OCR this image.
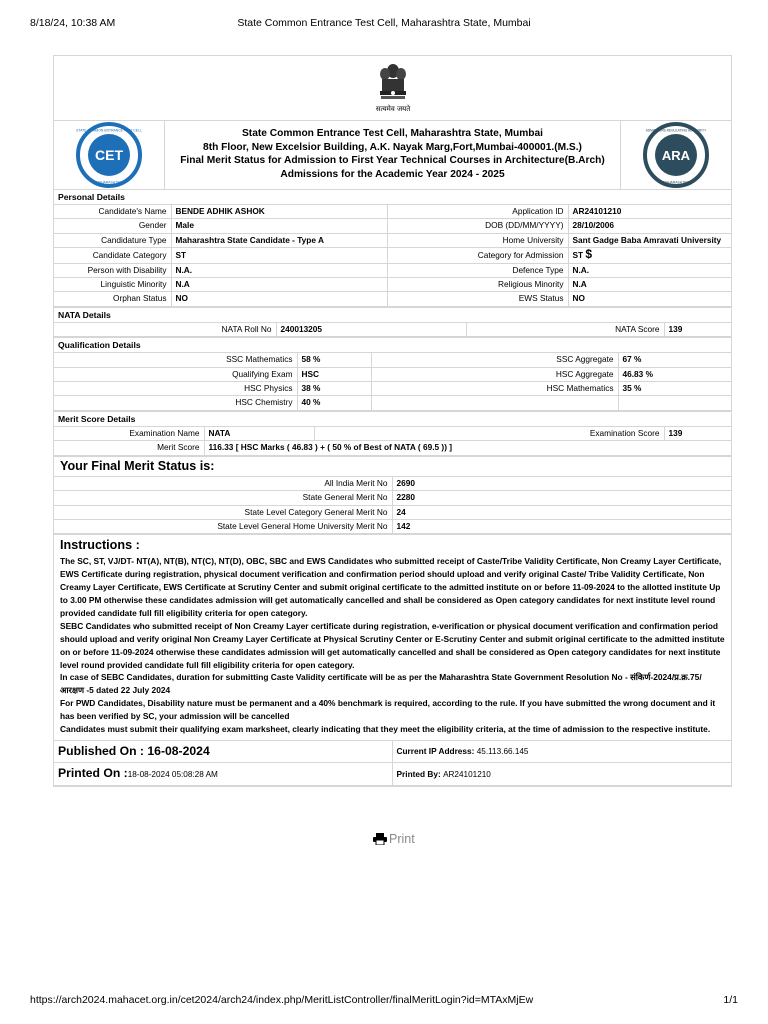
8/18/24, 10:38 AM	State Common Entrance Test Cell, Maharashtra State, Mumbai
सत्यमेव जयते
CET
STATE COMMON ENTRANCE TEST CELL
MAHARASHTRA
State Common Entrance Test Cell, Maharashtra State, Mumbai
8th Floor, New Excelsior Building, A.K. Nayak Marg,Fort,Mumbai-400001.(M.S.)
Final Merit Status for Admission to First Year Technical Courses in Architecture(B.Arch)
Admissions for the Academic Year 2024 - 2025
ARA
ADMISSIONS REGULATING AUTHORITY
MAHARASHTRA
Personal Details
Candidate's Name	BENDE ADHIK ASHOK	Application ID	AR24101210
Gender	Male	DOB (DD/MM/YYYY)	28/10/2006
Candidature Type	Maharashtra State Candidate - Type A	Home University	Sant Gadge Baba Amravati University
Candidate Category	ST	Category for Admission	ST $
Person with Disability	N.A.	Defence Type	N.A.
Linguistic Minority	N.A	Religious Minority	N.A
Orphan Status	NO	EWS Status	NO
NATA Details
NATA Roll No	240013205	NATA Score	139
Qualification Details
SSC Mathematics	58 %	SSC Aggregate	67 %
Qualifying Exam	HSC	HSC Aggregate	46.83 %
HSC Physics	38 %	HSC Mathematics	35 %
HSC Chemistry	40 %		
Merit Score Details
Examination Name	NATA	Examination Score	139
Merit Score	116.33 [ HSC Marks ( 46.83 ) + ( 50 % of Best of NATA ( 69.5 )) ]		
Your Final Merit Status is:
All India Merit No	2690
State General Merit No	2280
State Level Category General Merit No	24
State Level General Home University Merit No	142
Instructions :

The SC, ST, VJ/DT- NT(A), NT(B), NT(C), NT(D), OBC, SBC and EWS Candidates who submitted receipt of Caste/Tribe Validity Certificate, Non Creamy Layer Certificate, EWS Certificate during registration, physical document verification and confirmation period should upload and verify original Caste/ Tribe Validity Certificate, Non Creamy Layer Certificate, EWS Certificate at Scrutiny Center and submit original certificate to the admitted institute on or before 11-09-2024 to the allotted institute Up to 3.00 PM otherwise these candidates admission will get automatically cancelled and shall be considered as Open category candidates for next institute level round provided candidate full fill eligibility criteria for open category.

SEBC Candidates who submitted receipt of Non Creamy Layer certificate during registration, e-verification or physical document verification and confirmation period should upload and verify original Non Creamy Layer Certificate at Physical Scrutiny Center or E-Scrutiny Center and submit original certificate to the admitted institute on or before 11-09-2024 otherwise these candidates admission will get automatically cancelled and shall be considered as Open category candidates for next institute level round provided candidate full fill eligibility criteria for open category.

In case of SEBC Candidates, duration for submitting Caste Validity certificate will be as per the Maharashtra State Government Resolution No - संकिर्ण-2024/प्र.क्र.75/ आरक्षण -5 dated 22 July 2024

For PWD Candidates, Disability nature must be permanent and a 40% benchmark is required, according to the rule. If you have submitted the wrong document and it has been verified by SC, your admission will be cancelled

Candidates must submit their qualifying exam marksheet, clearly indicating that they meet the eligibility criteria, at the time of admission to the respective institute.

Published On : 16-08-2024	Current IP Address: 45.113.66.145
Printed On :18-08-2024 05:08:28 AM	Printed By: AR24101210
Print
https://arch2024.mahacet.org.in/cet2024/arch24/index.php/MeritListController/finalMeritLogin?id=MTAxMjEw	1/1
